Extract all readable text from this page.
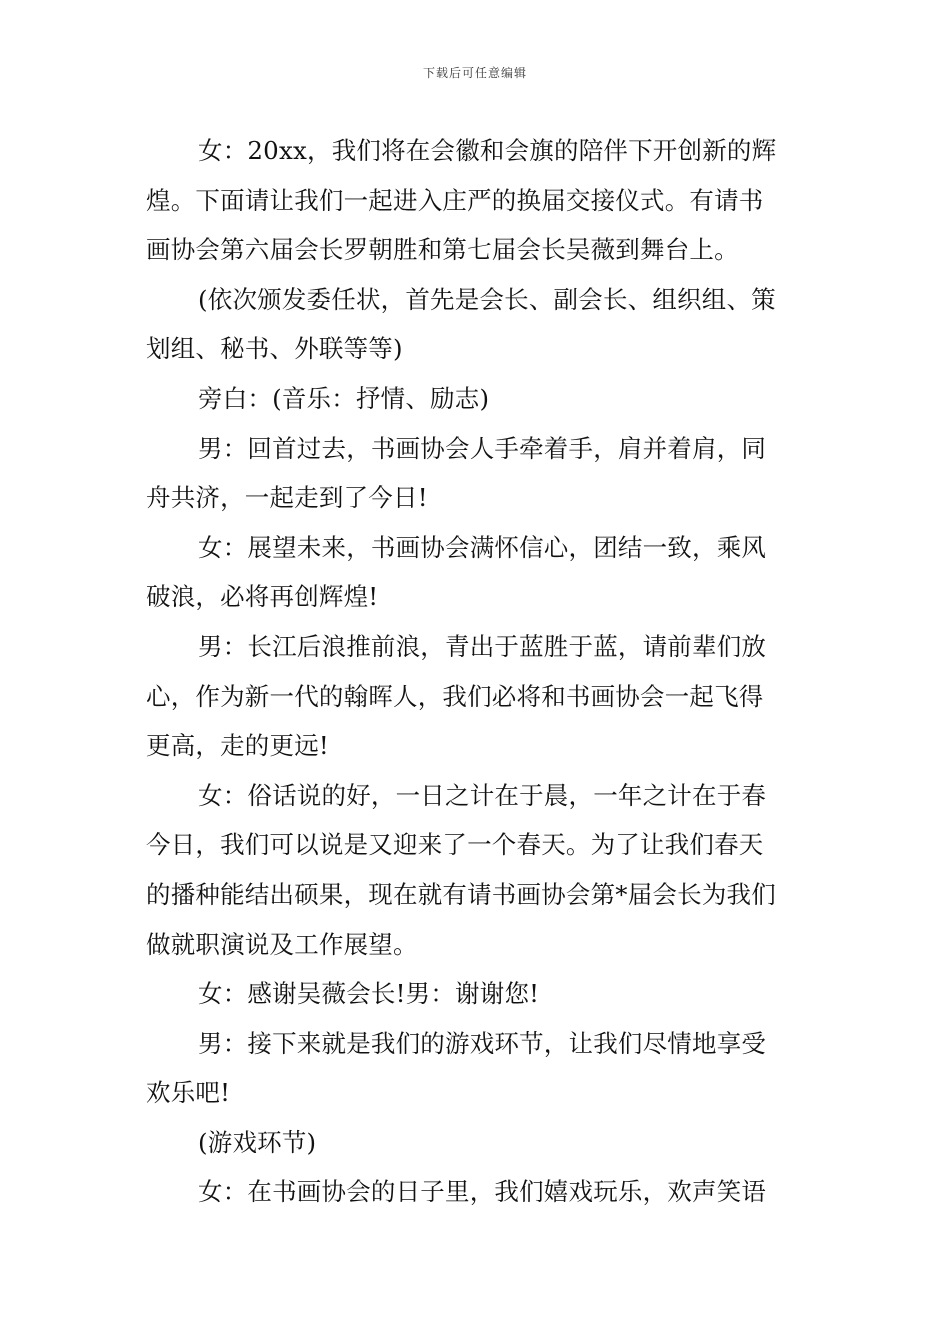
下载后可任意编辑
女：20xx，我们将在会徽和会旗的陪伴下开创新的辉
煌。下面请让我们一起进入庄严的换届交接仪式。有请书
画协会第六届会长罗朝胜和第七届会长吴薇到舞台上。
(依次颁发委任状，首先是会长、副会长、组织组、策
划组、秘书、外联等等)
旁白：(音乐：抒情、励志)
男：回首过去，书画协会人手牵着手，肩并着肩，同
舟共济，一起走到了今日!
女：展望未来，书画协会满怀信心，团结一致，乘风
破浪，必将再创辉煌!
男：长江后浪推前浪，青出于蓝胜于蓝，请前辈们放
心，作为新一代的翰晖人，我们必将和书画协会一起飞得
更高，走的更远!
女：俗话说的好，一日之计在于晨，一年之计在于春
今日，我们可以说是又迎来了一个春天。为了让我们春天
的播种能结出硕果，现在就有请书画协会第*届会长为我们
做就职演说及工作展望。
女：感谢吴薇会长!男：谢谢您!
男：接下来就是我们的游戏环节，让我们尽情地享受
欢乐吧!
(游戏环节)
女：在书画协会的日子里，我们嬉戏玩乐，欢声笑语
